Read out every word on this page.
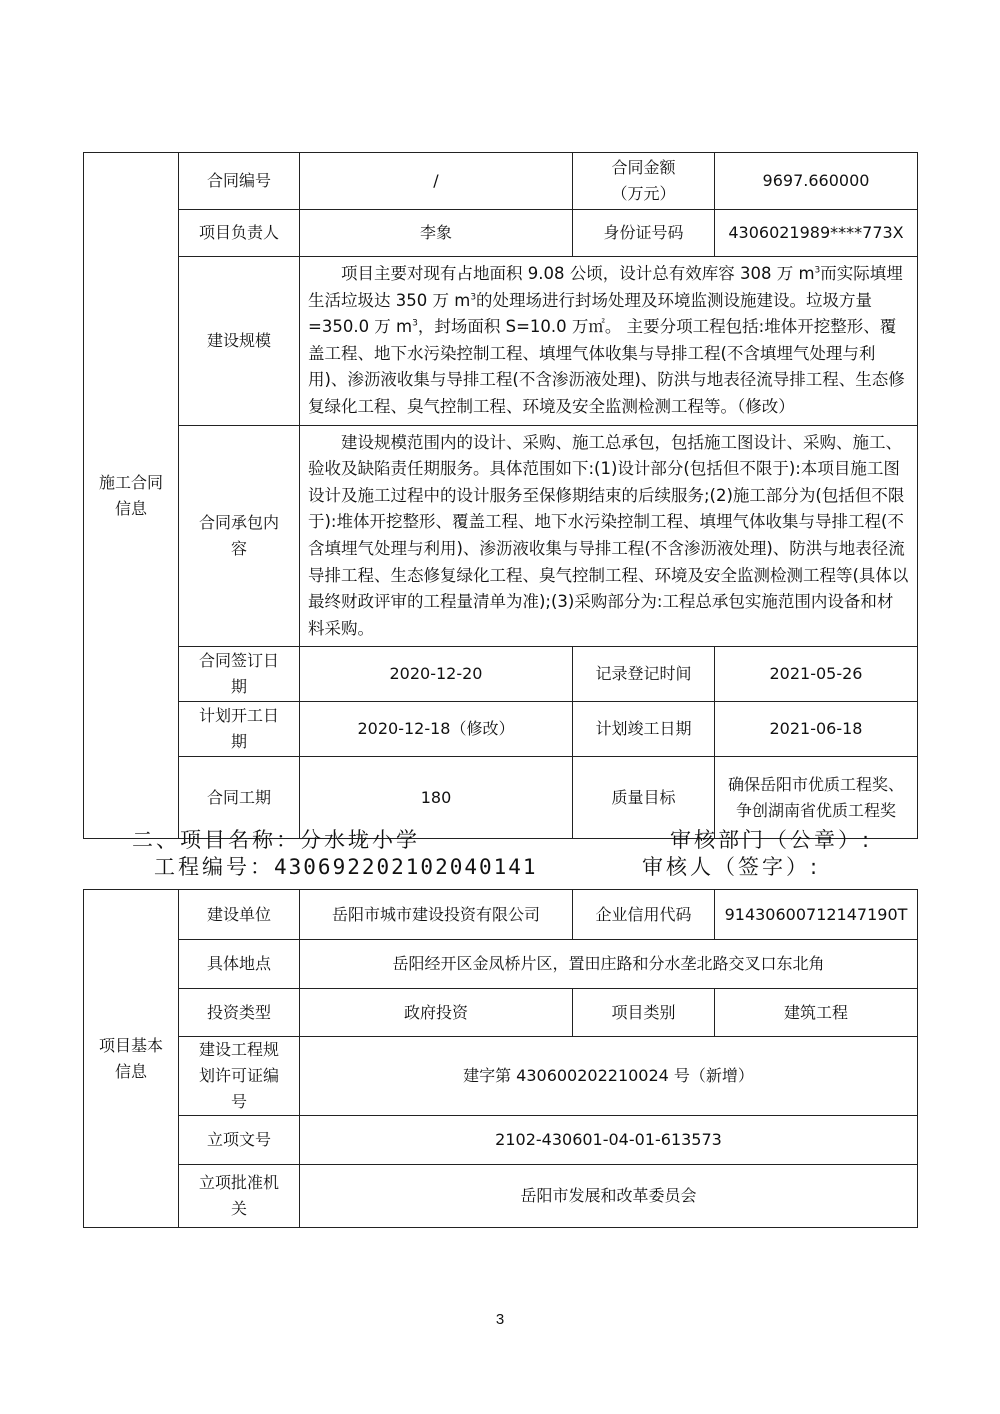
施工合同信息	合同编号	/	合同金额（万元）	9697.660000
	项目负责人	李象	身份证号码	4306021989****773X
	建设规模	项目主要对现有占地面积 9.08 公顷，设计总有效库容 308 万 $m^3$而实际填埋生活垃圾达 350 万 $m^3$的处理场进行封场处理及环境监测设施建设。垃圾方量=350.0 万 $m^3$，封场面积 S=10.0 万㎡。 主要分项工程包括:堆体开挖整形、覆盖工程、地下水污染控制工程、填埋气体收集与导排工程(不含填埋气处理与利用)、渗沥液收集与导排工程(不含渗沥液处理)、防洪与地表径流导排工程、生态修复绿化工程、臭气控制工程、环境及安全监测检测工程等。（修改）		
	合同承包内容	建设规模范围内的设计、采购、施工总承包，包括施工图设计、采购、施工、验收及缺陷责任期服务。具体范围如下:(1)设计部分(包括但不限于):本项目施工图设计及施工过程中的设计服务至保修期结束的后续服务;(2)施工部分为(包括但不限于):堆体开挖整形、覆盖工程、地下水污染控制工程、填埋气体收集与导排工程(不含填埋气处理与利用)、渗沥液收集与导排工程(不含渗沥液处理)、防洪与地表径流导排工程、生态修复绿化工程、臭气控制工程、环境及安全监测检测工程等(具体以最终财政评审的工程量清单为准);(3)采购部分为:工程总承包实施范围内设备和材料采购。		
	合同签订日期	2020-12-20	记录登记时间	2021-05-26
	计划开工日期	2020-12-18（修改）	计划竣工日期	2021-06-18
	合同工期	180	质量目标	确保岳阳市优质工程奖、争创湖南省优质工程奖
二、项目名称：分水垅小学	审核部门（公章）:
工程编号：430692202102040141	审核人（签字）:
项目基本信息	建设单位	岳阳市城市建设投资有限公司	企业信用代码	91430600712147190T
	具体地点	岳阳经开区金凤桥片区，置田庄路和分水垄北路交叉口东北角		
	投资类型	政府投资	项目类别	建筑工程
	建设工程规划许可证编号	建字第 430600202210024 号（新增）		
	立项文号	2102-430601-04-01-613573		
	立项批准机关	岳阳市发展和改革委员会		
3
